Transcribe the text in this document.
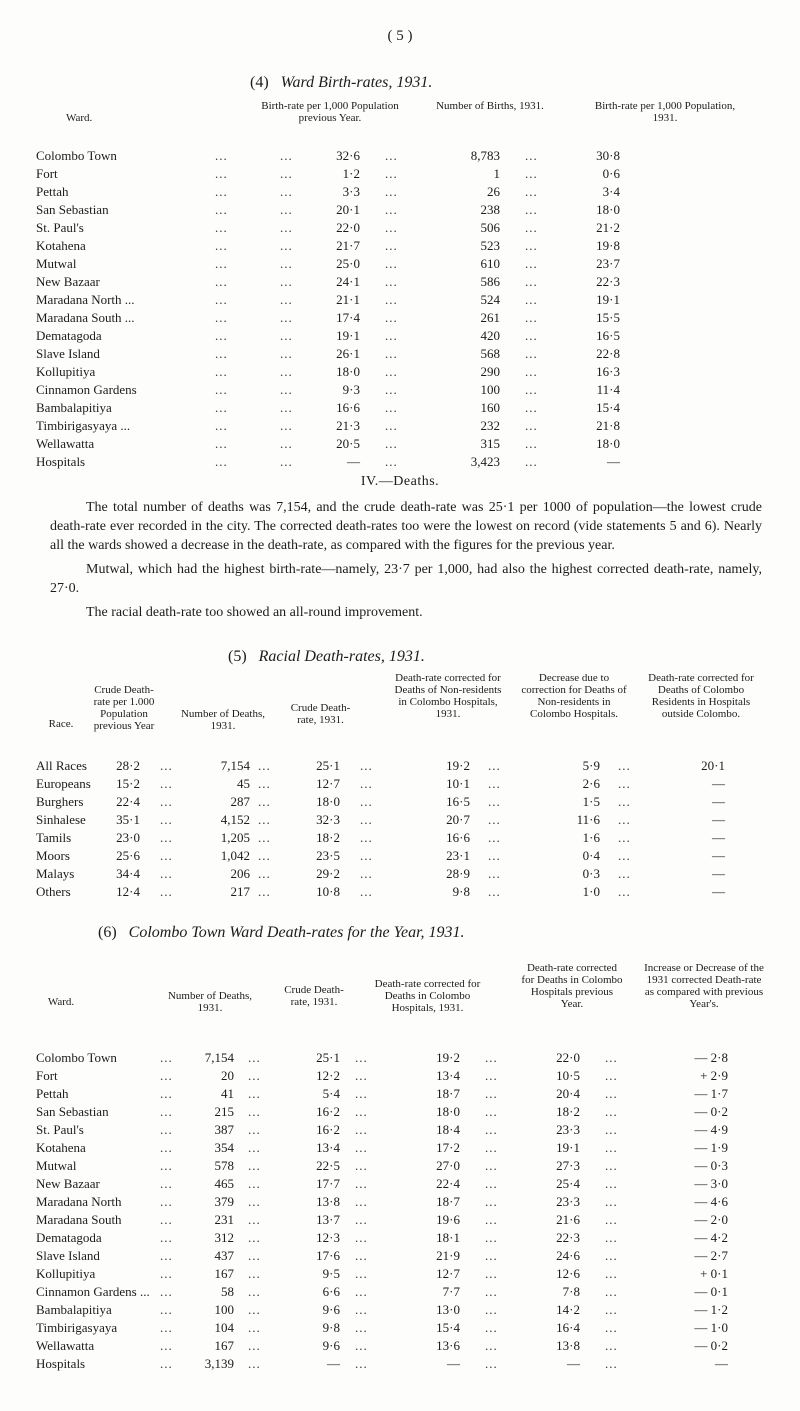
( 5 )
(4) Ward Birth-rates, 1931.
Ward.
Birth-rate per 1,000 Population previous Year.
Number of Births, 1931.	Birth-rate per 1,000 Population, 1931.
Colombo Town	...	...	32·6 ...	8,783 ...	30·8
Fort	...	...	1·2 ...	1 ...	0·6
Pettah	...	...	3·3 ...	26 ...	3·4
San Sebastian	...	...	20·1 ...	238 ...	18·0
St. Paul's	...	...	22·0 ...	506 ...	21·2
Kotahena	...	...	21·7 ...	523 ...	19·8
Mutwal	...	...	25·0 ...	610 ...	23·7
New Bazaar	...	...	24·1 ...	586 ...	22·3
Maradana North ...	...	...	21·1 ...	524 ...	19·1
Maradana South ...	...	...	17·4 ...	261 ...	15·5
Dematagoda	...	...	19·1 ...	420 ...	16·5
Slave Island	...	...	26·1 ...	568 ...	22·8
Kollupitiya	...	...	18·0 ...	290 ...	16·3
Cinnamon Gardens	...	...	9·3 ...	100 ...	11·4
Bambalapitiya	...	...	16·6 ...	160 ...	15·4
Timbirigasyaya ...	...	...	21·3 ...	232 ...	21·8
Wellawatta	...	...	20·5 ...	315 ...	18·0
Hospitals	...	...	— ...	3,423 ...	—
IV.—Deaths.
The total number of deaths was 7,154, and the crude death-rate was 25·1 per 1000 of population—the lowest crude death-rate ever recorded in the city. The corrected death-rates too were the lowest on record (vide statements 5 and 6). Nearly all the wards showed a decrease in the death-rate, as compared with the figures for the previous year.
Mutwal, which had the highest birth-rate—namely, 23·7 per 1,000, had also the highest corrected death-rate, namely, 27·0.
The racial death-rate too showed an all-round improvement.
(5) Racial Death-rates, 1931.
Race.
Crude Death-rate per 1.000 Population previous Year
Number of Deaths, 1931.
Crude Death-rate, 1931.
Death-rate corrected for Deaths of Non-residents in Colombo Hospitals, 1931.
Decrease due to correction for Deaths of Non-residents in Colombo Hospitals.
Death-rate corrected for Deaths of Colombo Residents in Hospitals outside Colombo.
All Races	28·2 ...	7,154 ...	25·1 ...	19·2 ...	5·9 ...	20·1
Europeans	15·2 ...	45 ...	12·7 ...	10·1 ...	2·6 ...	—
Burghers	22·4 ...	287 ...	18·0 ...	16·5 ...	1·5 ...	—
Sinhalese	35·1 ...	4,152 ...	32·3 ...	20·7 ...	11·6 ...	—
Tamils	23·0 ...	1,205 ...	18·2 ...	16·6 ...	1·6 ...	—
Moors	25·6 ...	1,042 ...	23·5 ...	23·1 ...	0·4 ...	—
Malays	34·4 ...	206 ...	29·2 ...	28·9 ...	0·3 ...	—
Others	12·4 ...	217 ...	10·8 ...	9·8 ...	1·0 ...	—
(6) Colombo Town Ward Death-rates for the Year, 1931.
Ward.	Number of Deaths, 1931.
Crude Death-rate, 1931.
Death-rate corrected for Deaths in Colombo Hospitals, 1931.
Death-rate corrected for Deaths in Colombo Hospitals previous Year.
Increase or Decrease of the 1931 corrected Death-rate as compared with previous Year's.
Colombo Town	...	7,154 ...	25·1 ...	19·2 ...	22·0 ...	— 2·8
Fort	...	20 ...	12·2 ...	13·4 ...	10·5 ...	+ 2·9
Pettah	...	41 ...	5·4 ...	18·7 ...	20·4 ...	— 1·7
San Sebastian	...	215 ...	16·2 ...	18·0 ...	18·2 ...	— 0·2
St. Paul's	...	387 ...	16·2 ...	18·4 ...	23·3 ...	— 4·9
Kotahena	...	354 ...	13·4 ...	17·2 ...	19·1 ...	— 1·9
Mutwal	...	578 ...	22·5 ...	27·0 ...	27·3 ...	— 0·3
New Bazaar	...	465 ...	17·7 ...	22·4 ...	25·4 ...	— 3·0
Maradana North	...	379 ...	13·8 ...	18·7 ...	23·3 ...	— 4·6
Maradana South	...	231 ...	13·7 ...	19·6 ...	21·6 ...	— 2·0
Dematagoda	...	312 ...	12·3 ...	18·1 ...	22·3 ...	— 4·2
Slave Island	...	437 ...	17·6 ...	21·9 ...	24·6 ...	— 2·7
Kollupitiya	...	167 ...	9·5 ...	12·7 ...	12·6 ...	+ 0·1
Cinnamon Gardens ... ...	58 ...	6·6 ...	7·7 ...	7·8 ...	— 0·1
Bambalapitiya	...	100 ...	9·6 ...	13·0 ...	14·2 ...	— 1·2
Timbirigasyaya	...	104 ...	9·8 ...	15·4 ...	16·4 ...	— 1·0
Wellawatta	...	167 ...	9·6 ...	13·6 ...	13·8 ...	— 0·2
Hospitals	...	3,139 ...	— ...	— ...	— ...	—
